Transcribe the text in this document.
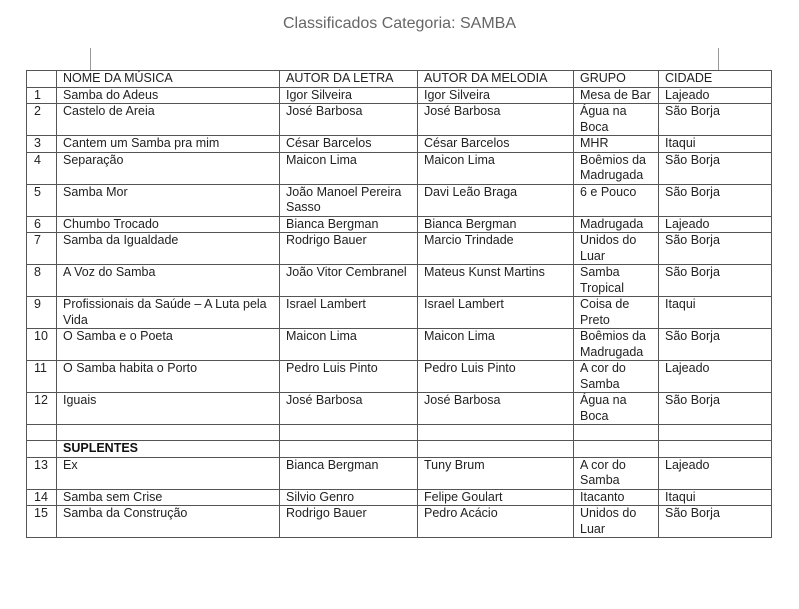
Classificados Categoria: SAMBA
	NOME DA MÚSICA	AUTOR DA LETRA	AUTOR DA MELODIA	GRUPO	CIDADE
1	Samba do Adeus	Igor Silveira	Igor Silveira	Mesa de Bar	Lajeado
2	Castelo de Areia	José Barbosa	José Barbosa	Água na Boca	São Borja
3	Cantem um Samba pra mim	César Barcelos	César Barcelos	MHR	Itaqui
4	Separação	Maicon Lima	Maicon Lima	Boêmios da Madrugada	São Borja
5	Samba Mor	João Manoel Pereira Sasso	Davi Leão Braga	6 e Pouco	São Borja
6	Chumbo Trocado	Bianca Bergman	Bianca Bergman	Madrugada	Lajeado
7	Samba da Igualdade	Rodrigo Bauer	Marcio Trindade	Unidos do Luar	São Borja
8	A Voz do Samba	João Vitor Cembranel	Mateus Kunst Martins	Samba Tropical	São Borja
9	Profissionais da Saúde – A Luta pela Vida	Israel Lambert	Israel Lambert	Coisa de Preto	Itaqui
10	O Samba e o Poeta	Maicon Lima	Maicon Lima	Boêmios da Madrugada	São Borja
11	O Samba habita o Porto	Pedro Luis Pinto	Pedro Luis Pinto	A cor do Samba	Lajeado
12	Iguais	José Barbosa	José Barbosa	Água na Boca	São Borja

	SUPLENTES				
13	Ex	Bianca Bergman	Tuny Brum	A cor do Samba	Lajeado
14	Samba sem Crise	Silvio Genro	Felipe Goulart	Itacanto	Itaqui
15	Samba da Construção	Rodrigo Bauer	Pedro Acácio	Unidos do Luar	São Borja
